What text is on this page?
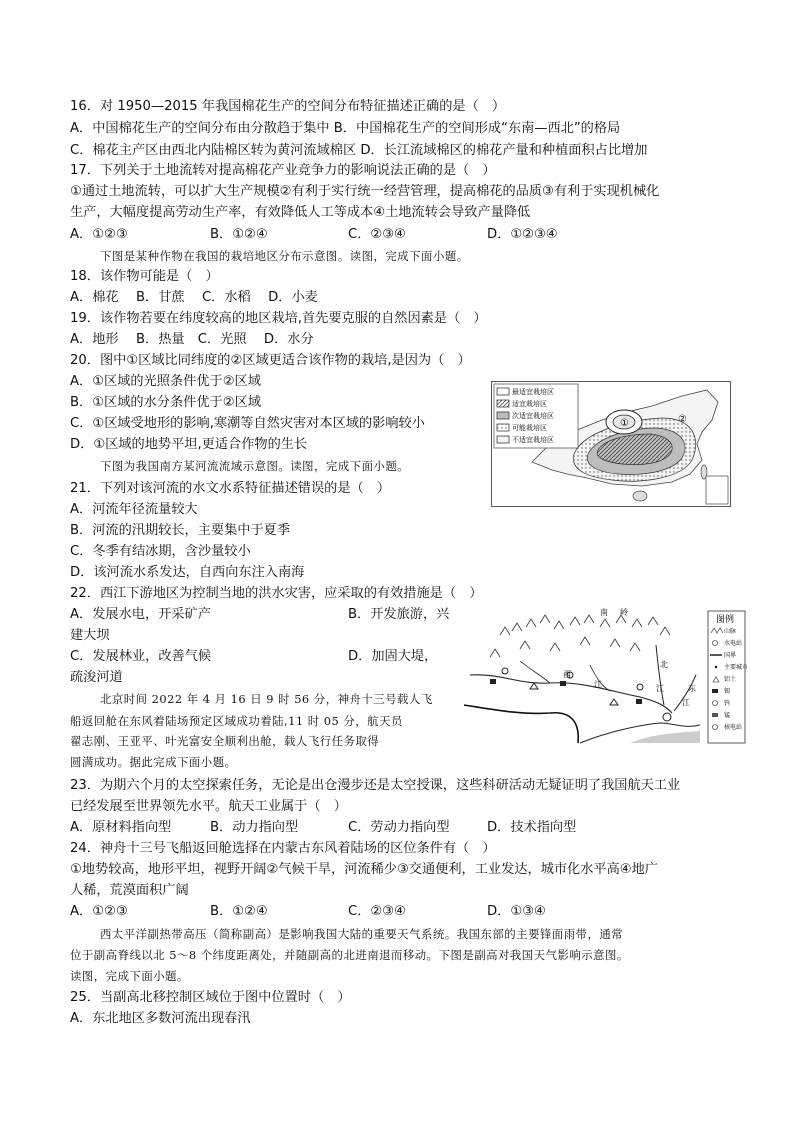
16．对 1950—2015 年我国棉花生产的空间分布特征描述正确的是（　）
A．中国棉花生产的空间分布由分散趋于集中 B．中国棉花生产的空间形成“东南—西北”的格局
C．棉花主产区由西北内陆棉区转为黄河流域棉区 D．长江流域棉区的棉花产量和种植面积占比增加
17．下列关于土地流转对提高棉花产业竞争力的影响说法正确的是（　）
①通过土地流转，可以扩大生产规模②有利于实行统一经营管理，提高棉花的品质③有利于实现机械化
生产，大幅度提高劳动生产率，有效降低人工等成本④土地流转会导致产量降低
A．①②③	B．①②④	C．②③④	D．①②③④
下图是某种作物在我国的栽培地区分布示意图。读图，完成下面小题。
18．该作物可能是（　）
A．棉花　 B．甘蔗　 C．水稻　 D．小麦
19．该作物若要在纬度较高的地区栽培,首先要克服的自然因素是（　）
A．地形　 B．热量　C．光照　 D．水分
20．图中①区域比同纬度的②区域更适合该作物的栽培,是因为（　）
A．①区域的光照条件优于②区域
B．①区域的水分条件优于②区域
C．①区域受地形的影响,寒潮等自然灾害对本区域的影响较小
D．①区域的地势平坦,更适合作物的生长
下图为我国南方某河流流域示意图。读图，完成下面小题。
①	②
最适宜栽培区
适宜栽培区
次适宜栽培区
可能栽培区
不适宜栽培区
21．下列对该河流的水文水系特征描述错误的是（　）
A．河流年径流量较大
B．河流的汛期较长，主要集中于夏季
C．冬季有结冰期，含沙量较小
D．该河流水系发达，自西向东注入南海
22．西江下游地区为控制当地的洪水灾害，应采取的有效措施是（　）
A．发展水电，开采矿产	B．开发旅游，兴
建大坝
C．发展林业，改善气候	D．加固大堤，
疏浚河道
北京时间 2022 年 4 月 16 日 9 时 56 分，神舟十三号载人飞
船返回舱在东风着陆场预定区域成功着陆,11 时 05 分，航天员
翟志刚、王亚平、叶光富安全顺利出舱，载人飞行任务取得
圆满成功。据此完成下面小题。
南 岭
西
江
北
江	东
江
图例
山脉
水电站
国界
主要城市
铝土
锡
钨
锰
核电站
23．为期六个月的太空探索任务，无论是出仓漫步还是太空授课，这些科研活动无疑证明了我国航天工业
已经发展至世界领先水平。航天工业属于（　）
A．原材料指向型	B．动力指向型	C．劳动力指向型	D．技术指向型
24．神舟十三号飞船返回舱选择在内蒙古东风着陆场的区位条件有（　）
①地势较高，地形平坦，视野开阔②气候干旱，河流稀少③交通便利，工业发达，城市化水平高④地广
人稀，荒漠面积广阔
A．①②③	B．①②④	C．②③④	D．①③④
西太平洋副热带高压（简称副高）是影响我国大陆的重要天气系统。我国东部的主要锋面雨带，通常
位于副高脊线以北 5～8 个纬度距离处，并随副高的北进南退而移动。下图是副高对我国天气影响示意图。
读图，完成下面小题。
25．当副高北移控制区域位于图中位置时（　）
A．东北地区多数河流出现春汛
